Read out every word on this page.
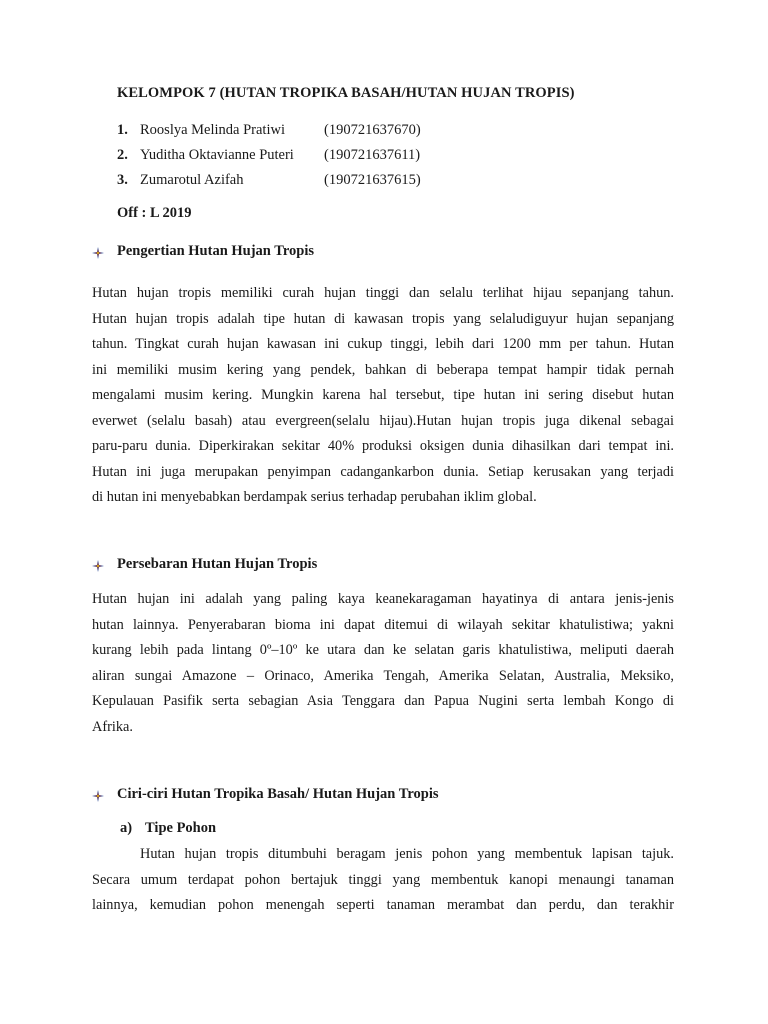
KELOMPOK 7 (HUTAN TROPIKA BASAH/HUTAN HUJAN TROPIS)
1. Rooslya Melinda Pratiwi	(190721637670)
2. Yuditha Oktavianne Puteri (190721637611)
3. Zumarotul Azifah	(190721637615)
Off : L 2019
Pengertian Hutan Hujan Tropis
Hutan hujan tropis memiliki curah hujan tinggi dan selalu terlihat hijau sepanjang tahun.
Hutan hujan tropis adalah tipe hutan di kawasan tropis yang selaludiguyur hujan sepanjang
tahun. Tingkat curah hujan kawasan ini cukup tinggi, lebih dari 1200 mm per tahun. Hutan
ini memiliki musim kering yang pendek, bahkan di beberapa tempat hampir tidak pernah
mengalami musim kering. Mungkin karena hal tersebut, tipe hutan ini sering disebut hutan
everwet (selalu basah) atau evergreen(selalu hijau).Hutan hujan tropis juga dikenal sebagai
paru-paru dunia. Diperkirakan sekitar 40% produksi oksigen dunia dihasilkan dari tempat ini.
Hutan ini juga merupakan penyimpan cadangankarbon dunia. Setiap kerusakan yang terjadi
di hutan ini menyebabkan berdampak serius terhadap perubahan iklim global.
Persebaran Hutan Hujan Tropis
Hutan hujan ini adalah yang paling kaya keanekaragaman hayatinya di antara jenis-jenis
hutan lainnya. Penyerabaran bioma ini dapat ditemui di wilayah sekitar khatulistiwa; yakni
kurang lebih pada lintang 0º–10º ke utara dan ke selatan garis khatulistiwa, meliputi daerah
aliran sungai Amazone – Orinaco, Amerika Tengah, Amerika Selatan, Australia, Meksiko,
Kepulauan Pasifik serta sebagian Asia Tenggara dan Papua Nugini serta lembah Kongo di
Afrika.
Ciri-ciri Hutan Tropika Basah/ Hutan Hujan Tropis
a) Tipe Pohon
Hutan hujan tropis ditumbuhi beragam jenis pohon yang membentuk lapisan tajuk.
Secara umum terdapat pohon bertajuk tinggi yang membentuk kanopi menaungi tanaman
lainnya, kemudian pohon menengah seperti tanaman merambat dan perdu, dan terakhir
